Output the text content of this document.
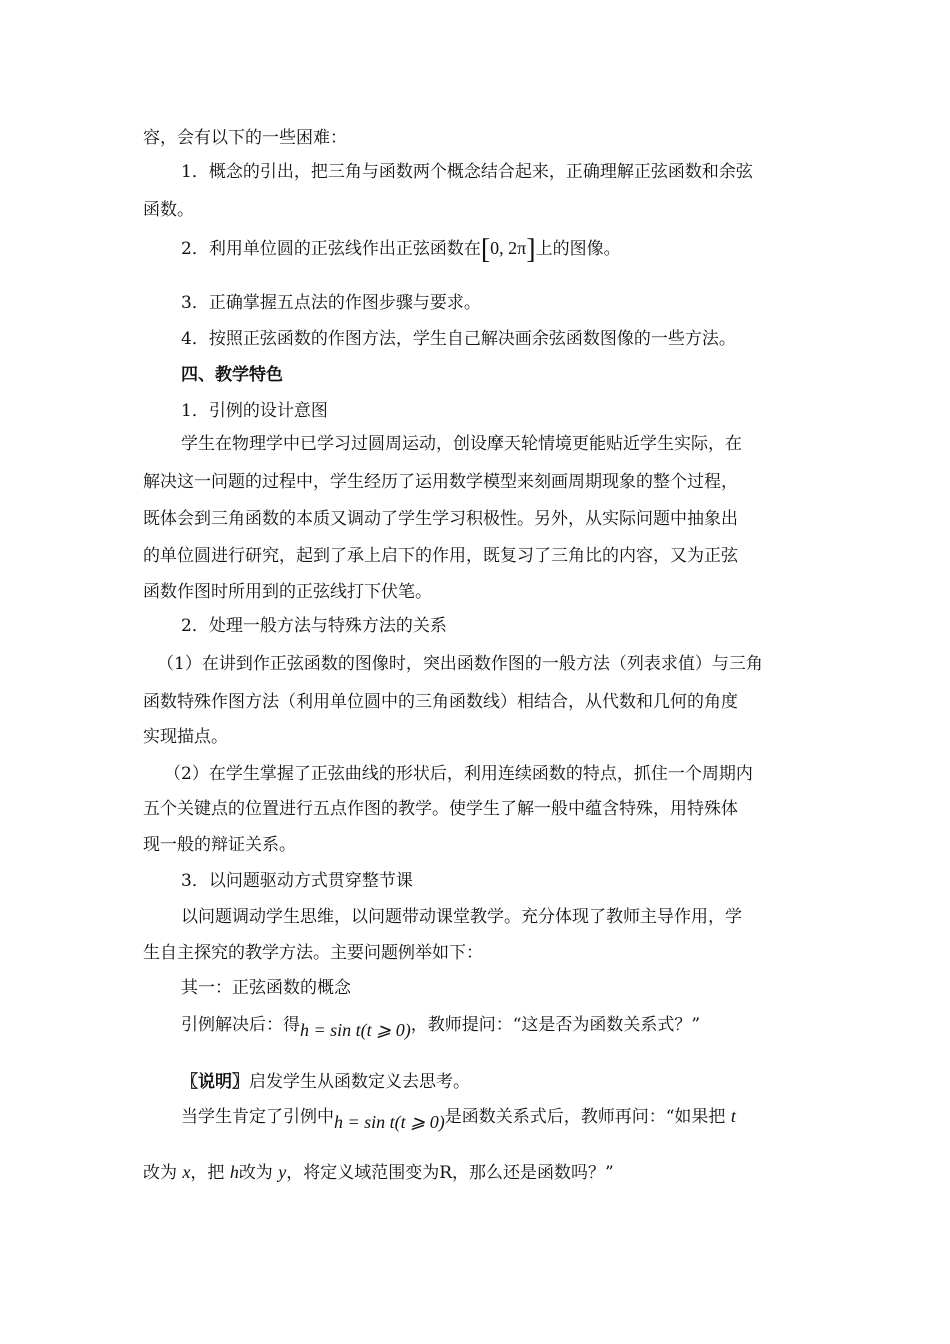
容，会有以下的一些困难：
1．概念的引出，把三角与函数两个概念结合起来，正确理解正弦函数和余弦
函数。
2．利用单位圆的正弦线作出正弦函数在[0, 2π]上的图像。
3．正确掌握五点法的作图步骤与要求。
4．按照正弦函数的作图方法，学生自己解决画余弦函数图像的一些方法。
四、教学特色
1．引例的设计意图
学生在物理学中已学习过圆周运动，创设摩天轮情境更能贴近学生实际，在
解决这一问题的过程中，学生经历了运用数学模型来刻画周期现象的整个过程，
既体会到三角函数的本质又调动了学生学习积极性。另外，从实际问题中抽象出
的单位圆进行研究，起到了承上启下的作用，既复习了三角比的内容，又为正弦
函数作图时所用到的正弦线打下伏笔。
2．处理一般方法与特殊方法的关系
（1）在讲到作正弦函数的图像时，突出函数作图的一般方法（列表求值）与三角
函数特殊作图方法（利用单位圆中的三角函数线）相结合，从代数和几何的角度
实现描点。
（2）在学生掌握了正弦曲线的形状后，利用连续函数的特点，抓住一个周期内
五个关键点的位置进行五点作图的教学。使学生了解一般中蕴含特殊，用特殊体
现一般的辩证关系。
3．以问题驱动方式贯穿整节课
以问题调动学生思维，以问题带动课堂教学。充分体现了教师主导作用，学
生自主探究的教学方法。主要问题例举如下：
其一：正弦函数的概念
引例解决后：得h = sin t(t ⩾ 0)，教师提问：“这是否为函数关系式？”
〖说明〗启发学生从函数定义去思考。
当学生肯定了引例中h = sin t(t ⩾ 0)是函数关系式后，教师再问：“如果把 t
改为 x，把 h改为 y，将定义域范围变为R，那么还是函数吗？”
